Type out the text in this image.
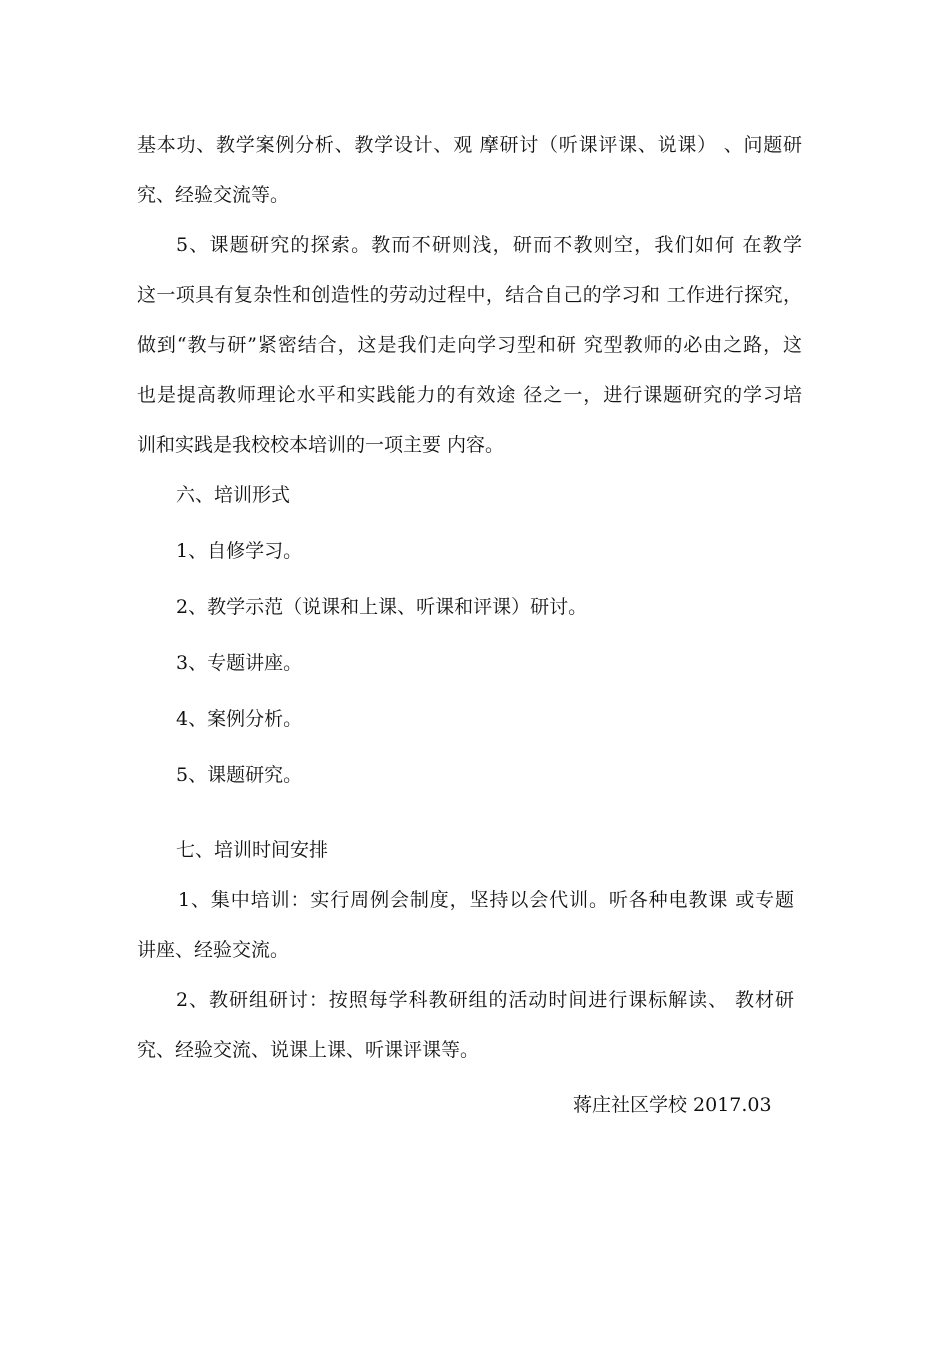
基本功、教学案例分析、教学设计、观 摩研讨（听课评课、说课） 、问题研
究、经验交流等。
5、课题研究的探索。教而不研则浅，研而不教则空，我们如何 在教学
这一项具有复杂性和创造性的劳动过程中，结合自己的学习和 工作进行探究，
做到“教与研”紧密结合，这是我们走向学习型和研 究型教师的必由之路，这
也是提高教师理论水平和实践能力的有效途 径之一，进行课题研究的学习培
训和实践是我校校本培训的一项主要 内容。
六、培训形式
1、自修学习。
2、教学示范（说课和上课、听课和评课）研讨。
3、专题讲座。
4、案例分析。
5、课题研究。
七、培训时间安排
1、集中培训：实行周例会制度，坚持以会代训。听各种电教课 或专题
讲座、经验交流。
2、教研组研讨：按照每学科教研组的活动时间进行课标解读、 教材研
究、经验交流、说课上课、听课评课等。
蒋庄社区学校 2017.03
